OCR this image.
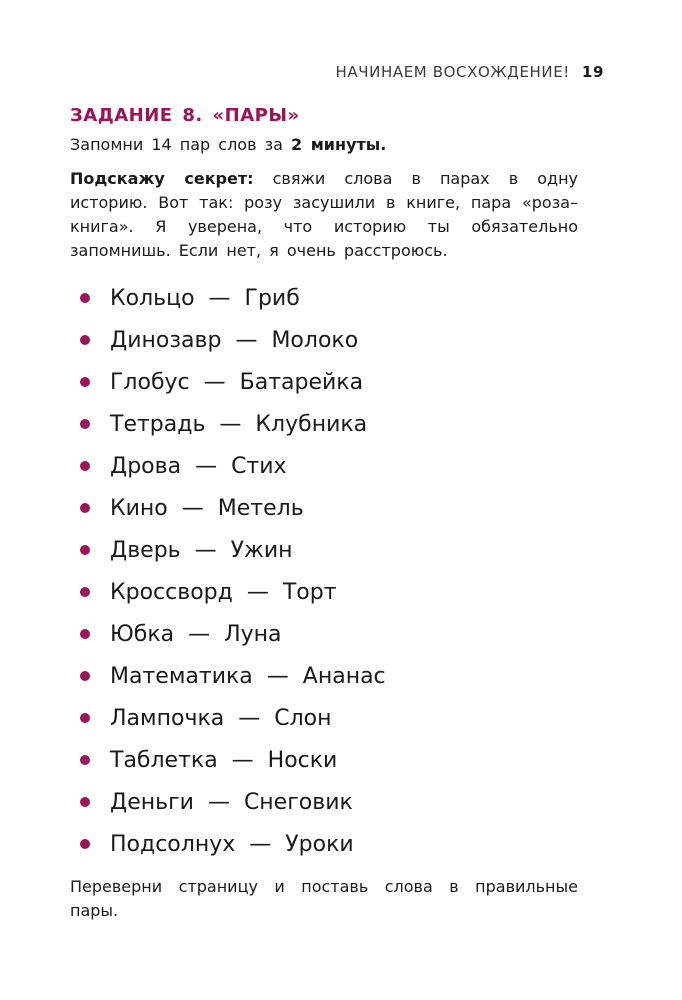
НАЧИНАЕМ ВОСХОЖДЕНИЕ! 19
ЗАДАНИЕ 8. «ПАРЫ»

Запомни 14 пар слов за 2 минуты.

Подскажу секрет: свяжи слова в парах в одну историю. Вот так: розу засушили в книге, пара «роза–книга». Я уверена, что историю ты обязательно запомнишь. Если нет, я очень расстроюсь.

Кольцо — Гриб
Динозавр — Молоко
Глобус — Батарейка
Тетрадь — Клубника
Дрова — Стих
Кино — Метель
Дверь — Ужин
Кроссворд — Торт
Юбка — Луна
Математика — Ананас
Лампочка — Слон
Таблетка — Носки
Деньги — Снеговик
Подсолнух — Уроки

Переверни страницу и поставь слова в правильные пары.
